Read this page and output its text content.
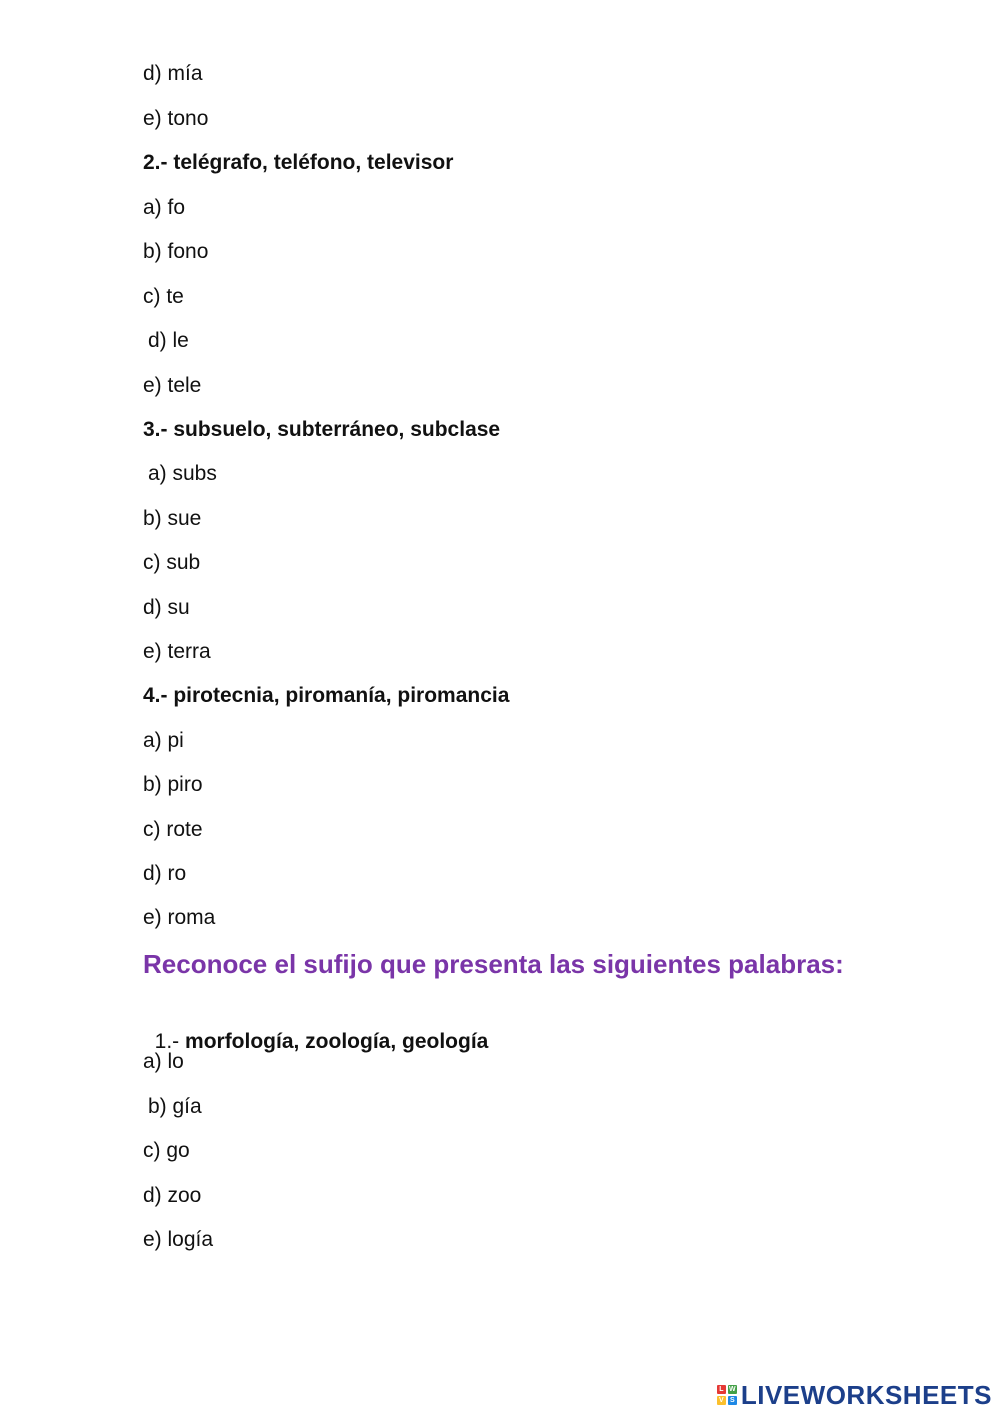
d) mía
e) tono
2.- telégrafo, teléfono, televisor
a) fo
b) fono
c) te
d) le
e) tele
3.- subsuelo, subterráneo, subclase
a) subs
b) sue
c) sub
d) su
e) terra
4.- pirotecnia, piromanía, piromancia
a) pi
b) piro
c) rote
d) ro
e) roma
Reconoce el sufijo que presenta las siguientes palabras:

1.- morfología, zoología, geología

a) lo
b) gía
c) go
d) zoo
e) logía
L W
V S LIVEWORKSHEETS
